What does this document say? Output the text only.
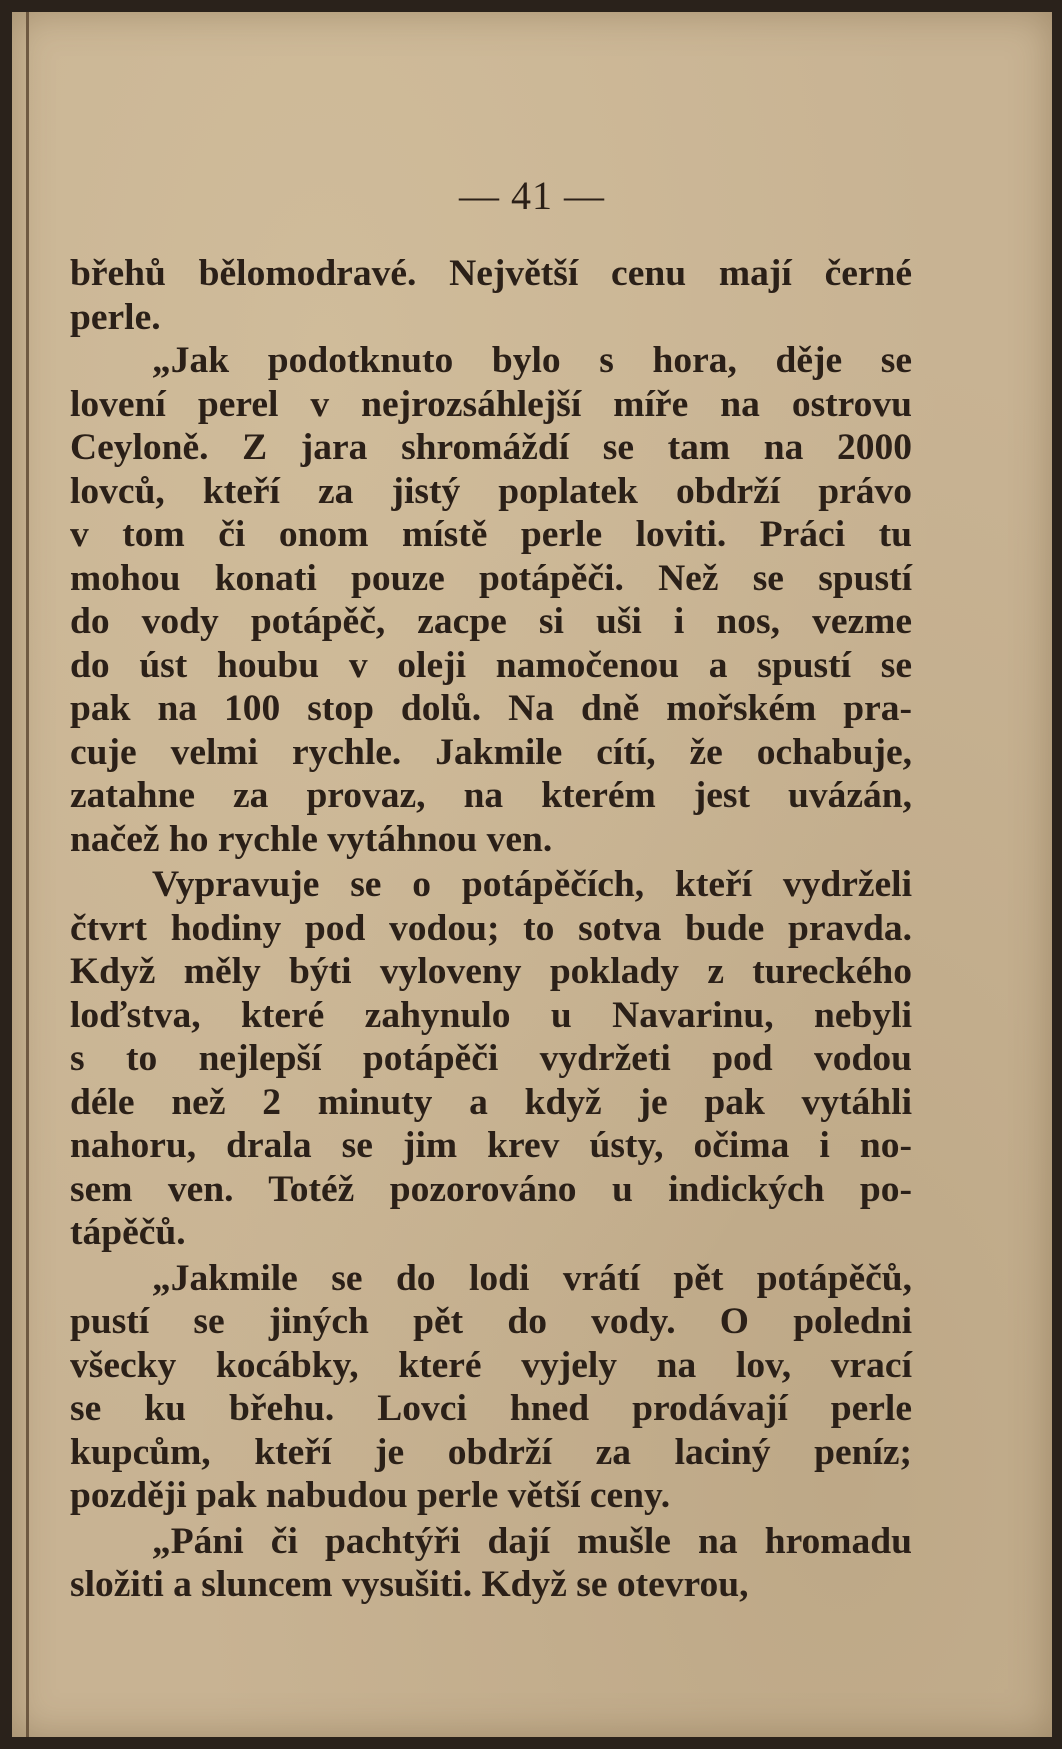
— 41 —
břehů bělomodravé. Největší cenu mají černé
perle.
„Jak podotknuto bylo s hora, děje se
lovení perel v nejrozsáhlejší míře na ostrovu
Ceyloně. Z jara shromáždí se tam na 2000
lovců, kteří za jistý poplatek obdrží právo
v tom či onom místě perle loviti. Práci tu
mohou konati pouze potápěči. Než se spustí
do vody potápěč, zacpe si uši i nos, vezme
do úst houbu v oleji namočenou a spustí se
pak na 100 stop dolů. Na dně mořském pra-
cuje velmi rychle. Jakmile cítí, že ochabuje,
zatahne za provaz, na kterém jest uvázán,
načež ho rychle vytáhnou ven.
Vypravuje se o potápěčích, kteří vydrželi
čtvrt hodiny pod vodou; to sotva bude pravda.
Když měly býti vyloveny poklady z tureckého
loďstva, které zahynulo u Navarinu, nebyli
s to nejlepší potápěči vydržeti pod vodou
déle než 2 minuty a když je pak vytáhli
nahoru, drala se jim krev ústy, očima i no-
sem ven. Totéž pozorováno u indických po-
tápěčů.
„Jakmile se do lodi vrátí pět potápěčů,
pustí se jiných pět do vody. O poledni
všecky kocábky, které vyjely na lov, vrací
se ku břehu. Lovci hned prodávají perle
kupcům, kteří je obdrží za laciný peníz;
později pak nabudou perle větší ceny.
„Páni či pachtýři dají mušle na hromadu
složiti a sluncem vysušiti. Když se otevrou,
